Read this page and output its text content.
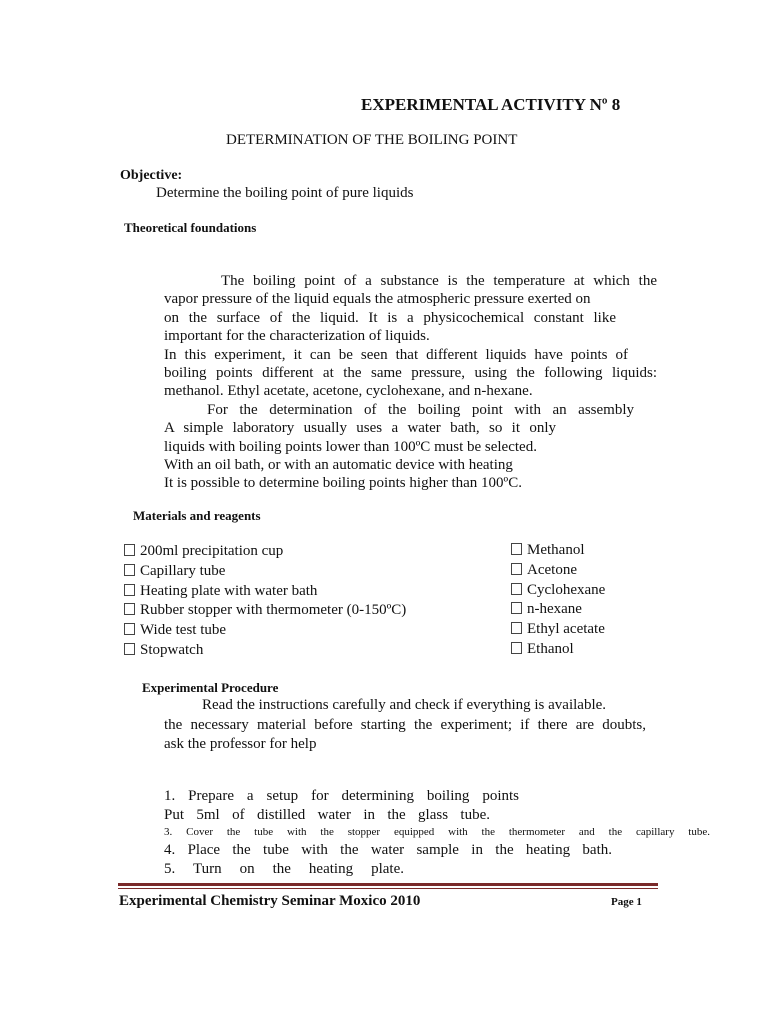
EXPERIMENTAL ACTIVITY Nº 8
DETERMINATION OF THE BOILING POINT
Objective:
Determine the boiling point of pure liquids
Theoretical foundations
The boiling point of a substance is the temperature at which the
vapor pressure of the liquid equals the atmospheric pressure exerted on
on the surface of the liquid. It is a physicochemical constant like
important for the characterization of liquids.
In this experiment, it can be seen that different liquids have points of
boiling points different at the same pressure, using the following liquids:
methanol. Ethyl acetate, acetone, cyclohexane, and n-hexane.
For the determination of the boiling point with an assembly
A simple laboratory usually uses a water bath, so it only
liquids with boiling points lower than 100ºC must be selected.
With an oil bath, or with an automatic device with heating
It is possible to determine boiling points higher than 100ºC.
Materials and reagents
200ml precipitation cup
Capillary tube
Heating plate with water bath
Rubber stopper with thermometer (0-150ºC)
Wide test tube
Stopwatch
Methanol
Acetone
Cyclohexane
n-hexane
Ethyl acetate
Ethanol
Experimental Procedure
Read the instructions carefully and check if everything is available.
the necessary material before starting the experiment; if there are doubts,
ask the professor for help
1. Prepare a setup for determining boiling points
Put 5ml of distilled water in the glass tube.
3. Cover the tube with the stopper equipped with the thermometer and the capillary tube.
4. Place the tube with the water sample in the heating bath.
5. Turn on the heating plate.
Experimental Chemistry Seminar Moxico 2010	Page 1
